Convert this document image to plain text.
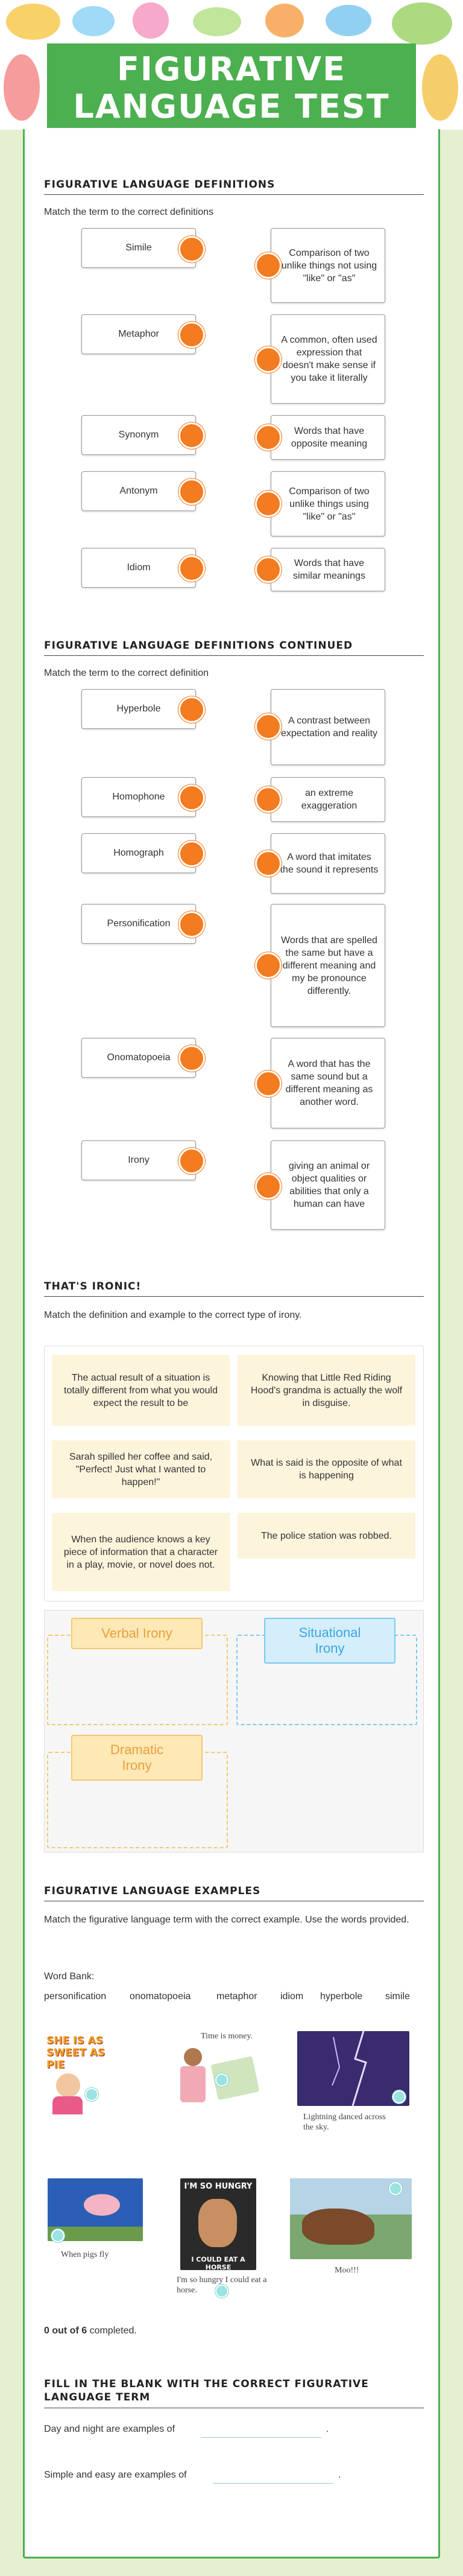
FIGURATIVE LANGUAGE TEST
FIGURATIVE LANGUAGE DEFINITIONS
Match the term to the correct definitions
Simile
Metaphor
Synonym
Antonym
Idiom
Comparison of two unlike things not using "like" or "as"
A common, often used expression that doesn't make sense if you take it literally
Words that have opposite meaning
Comparison of two unlike things using "like" or "as"
Words that have similar meanings
FIGURATIVE LANGUAGE DEFINITIONS CONTINUED
Match the term to the correct definition
Hyperbole
Homophone
Homograph
Personification
Onomatopoeia
Irony
A contrast between expectation and reality
an extreme exaggeration
A word that imitates the sound it represents
Words that are spelled the same but have a different meaning and my be pronounce differently.
A word that has the same sound but a different meaning as another word.
giving an animal or object qualities or abilities that only a human can have
THAT'S IRONIC!
Match the definition and example to the correct type of irony.
The actual result of a situation is totally different from what you would expect the result to be
Knowing that Little Red Riding Hood's grandma is actually the wolf in disguise.
Sarah spilled her coffee and said, "Perfect! Just what I wanted to happen!"
What is said is the opposite of what is happening
When the audience knows a key piece of information that a character in a play, movie, or novel does not.
The police station was robbed.
Verbal Irony	Situational Irony
Dramatic Irony
FIGURATIVE LANGUAGE EXAMPLES
Match the figurative language term with the correct example. Use the words provided.
Word Bank:
personification onomatopoeia	metaphor idiom hyperbole simile
SHE IS AS SWEET AS PIE
Time is money.
Lightning danced across the sky.
When pigs fly
I'M SO HUNGRY
I COULD EAT A HORSE
I'm so hungry I could eat a horse.
Moo!!!
0 out of 6 completed.
FILL IN THE BLANK WITH THE CORRECT FIGURATIVE LANGUAGE TERM
Day and night are examples of	.
Simple and easy are examples of	.
